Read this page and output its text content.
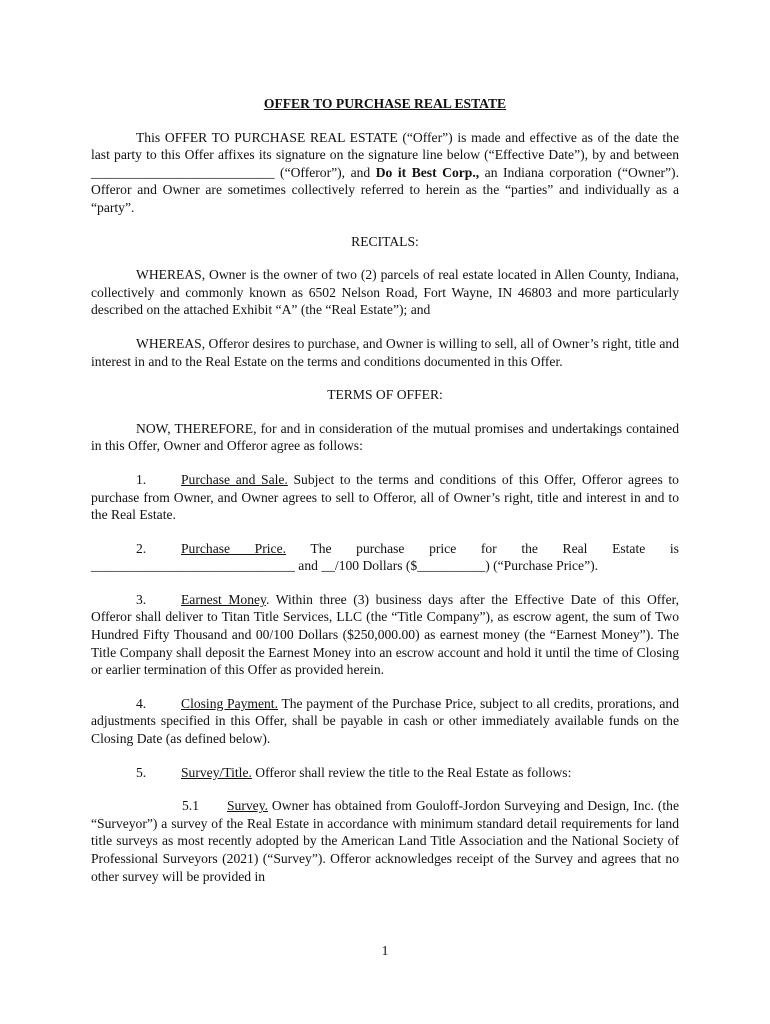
OFFER TO PURCHASE REAL ESTATE

This OFFER TO PURCHASE REAL ESTATE (“Offer”) is made and effective as of the date the last party to this Offer affixes its signature on the signature line below (“Effective Date”), by and between ___________________________ (“Offeror”), and Do it Best Corp., an Indiana corporation (“Owner”). Offeror and Owner are sometimes collectively referred to herein as the “parties” and individually as a “party”.

RECITALS:

WHEREAS, Owner is the owner of two (2) parcels of real estate located in Allen County, Indiana, collectively and commonly known as 6502 Nelson Road, Fort Wayne, IN 46803 and more particularly described on the attached Exhibit “A” (the “Real Estate”); and

WHEREAS, Offeror desires to purchase, and Owner is willing to sell, all of Owner’s right, title and interest in and to the Real Estate on the terms and conditions documented in this Offer.

TERMS OF OFFER:

NOW, THEREFORE, for and in consideration of the mutual promises and undertakings contained in this Offer, Owner and Offeror agree as follows:

1.	Purchase and Sale. Subject to the terms and conditions of this Offer, Offeror agrees to purchase from Owner, and Owner agrees to sell to Offeror, all of Owner’s right, title and interest in and to the Real Estate.

2.	Purchase Price. The purchase price for the Real Estate is
______________________________ and __/100 Dollars ($__________) (“Purchase Price”).

3.	Earnest Money. Within three (3) business days after the Effective Date of this Offer, Offeror shall deliver to Titan Title Services, LLC (the “Title Company”), as escrow agent, the sum of Two Hundred Fifty Thousand and 00/100 Dollars ($250,000.00) as earnest money (the “Earnest Money”). The Title Company shall deposit the Earnest Money into an escrow account and hold it until the time of Closing or earlier termination of this Offer as provided herein.

4.	Closing Payment. The payment of the Purchase Price, subject to all credits, prorations, and adjustments specified in this Offer, shall be payable in cash or other immediately available funds on the Closing Date (as defined below).

5.	Survey/Title. Offeror shall review the title to the Real Estate as follows:

5.1 Survey. Owner has obtained from Gouloff-Jordon Surveying and Design, Inc. (the “Surveyor”) a survey of the Real Estate in accordance with minimum standard detail requirements for land title surveys as most recently adopted by the American Land Title Association and the National Society of Professional Surveyors (2021) (“Survey”). Offeror acknowledges receipt of the Survey and agrees that no other survey will be provided in

1
